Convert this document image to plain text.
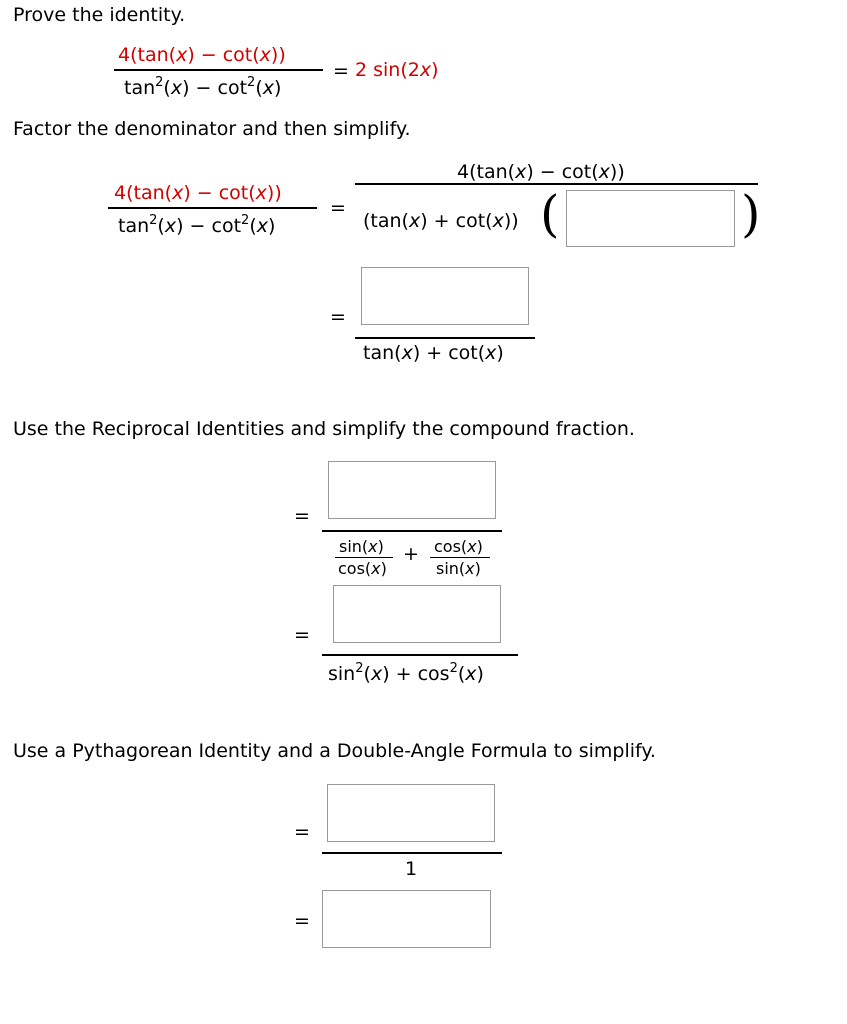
Prove the identity.
4(tan(x) − cot(x))
$\tan^2(x) - \cot^2(x)$
= 2 sin(2x)
Factor the denominator and then simplify.
4(tan(x) − cot(x))
4(tan(x) − cot(x))
$\tan^2(x) - \cot^2(x)$
=
(tan(x) + cot(x)) (	)
=
tan(x) + cot(x)
Use the Reciprocal Identities and simplify the compound fraction.
=
sin(x)
cos(x)
+ cos(x)
sin(x)
=
$\sin^2(x) + \cos^2(x)$
Use a Pythagorean Identity and a Double-Angle Formula to simplify.
=
1
=
